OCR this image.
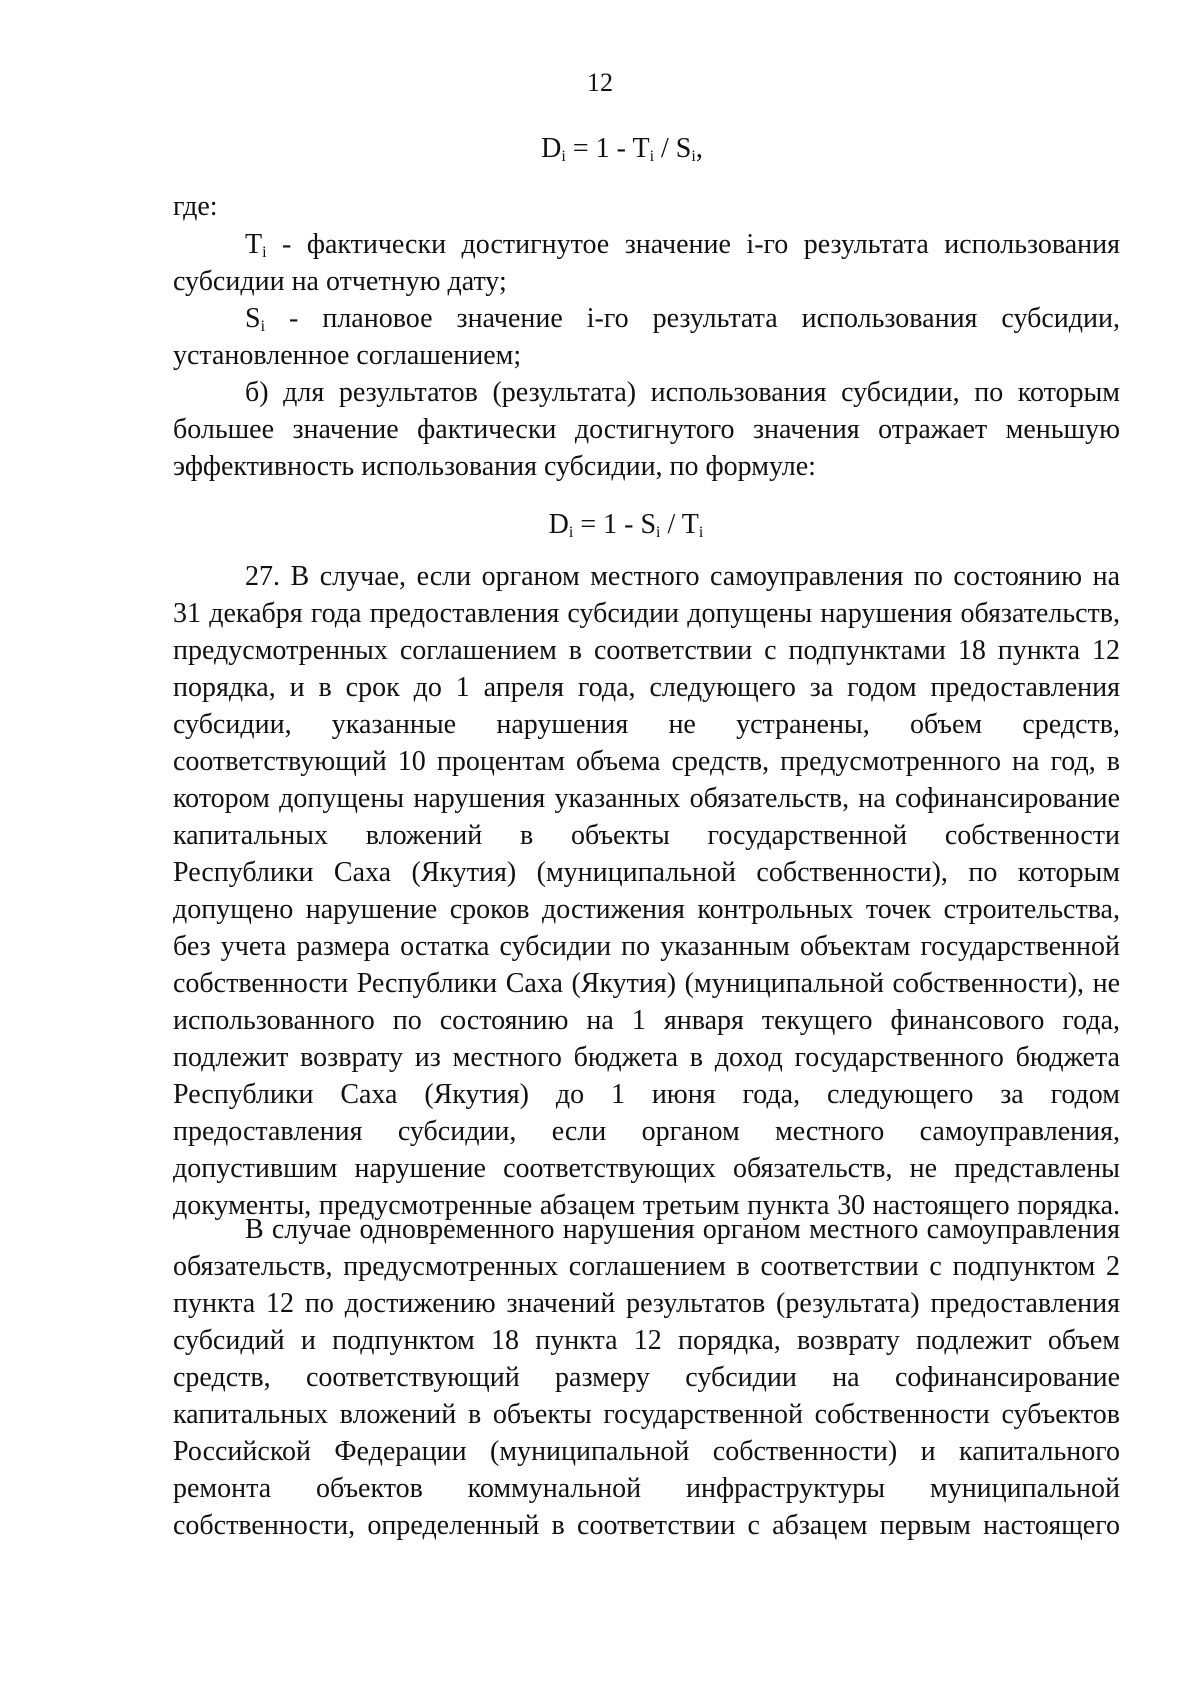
12
$D_i = 1 - T_i / S_i$,
где:
$T_i$ - фактически достигнутое значение i-го результата использования
субсидии на отчетную дату;
$S_i$ - плановое значение i-го результата использования субсидии,
установленное соглашением;
б) для результатов (результата) использования субсидии, по которым
большее значение фактически достигнутого значения отражает меньшую
эффективность использования субсидии, по формуле:
$D_i = 1 - S_i / T_i$
27. В случае, если органом местного самоуправления по состоянию на
31 декабря года предоставления субсидии допущены нарушения обязательств,
предусмотренных соглашением в соответствии с подпунктами 18 пункта 12
порядка, и в срок до 1 апреля года, следующего за годом предоставления
субсидии, указанные нарушения не устранены, объем средств,
соответствующий 10 процентам объема средств, предусмотренного на год, в
котором допущены нарушения указанных обязательств, на софинансирование
капитальных вложений в объекты государственной собственности
Республики Саха (Якутия) (муниципальной собственности), по которым
допущено нарушение сроков достижения контрольных точек строительства,
без учета размера остатка субсидии по указанным объектам государственной
собственности Республики Саха (Якутия) (муниципальной собственности), не
использованного по состоянию на 1 января текущего финансового года,
подлежит возврату из местного бюджета в доход государственного бюджета
Республики Саха (Якутия) до 1 июня года, следующего за годом
предоставления субсидии, если органом местного самоуправления,
допустившим нарушение соответствующих обязательств, не представлены
документы, предусмотренные абзацем третьим пункта 30 настоящего порядка.
В случае одновременного нарушения органом местного самоуправления
обязательств, предусмотренных соглашением в соответствии с подпунктом 2
пункта 12 по достижению значений результатов (результата) предоставления
субсидий и подпунктом 18 пункта 12 порядка, возврату подлежит объем
средств, соответствующий размеру субсидии на софинансирование
капитальных вложений в объекты государственной собственности субъектов
Российской Федерации (муниципальной собственности) и капитального
ремонта объектов коммунальной инфраструктуры муниципальной
собственности, определенный в соответствии с абзацем первым настоящего
